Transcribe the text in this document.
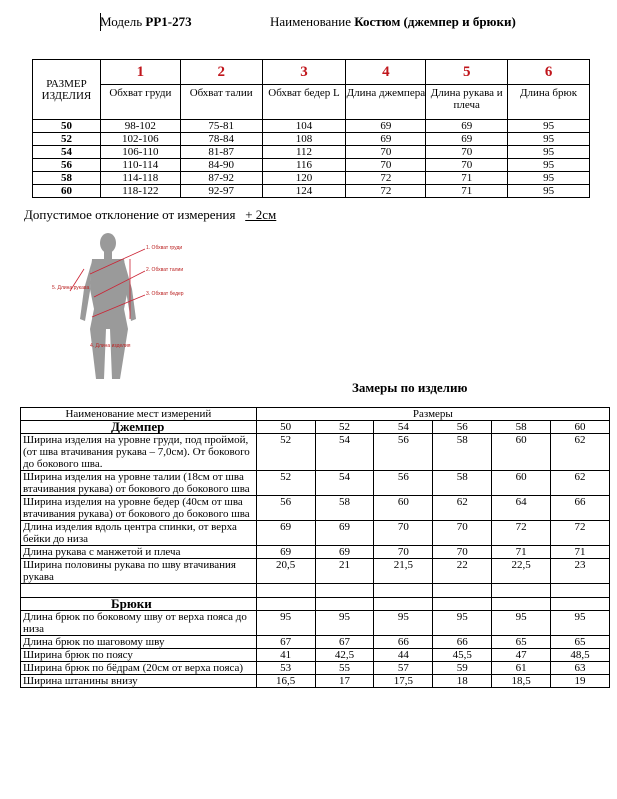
Модель PP1-273	Наименование Костюм (джемпер и брюки)
РАЗМЕР ИЗДЕЛИЯ	1	2	3	4	5	6
	Обхват груди	Обхват талии	Обхват бедер L	Длина джемпера	Длина рукава и плеча	Длина брюк
50	98-102	75-81	104	69	69	95
52	102-106	78-84	108	69	69	95
54	106-110	81-87	112	70	70	95
56	110-114	84-90	116	70	70	95
58	114-118	87-92	120	72	71	95
60	118-122	92-97	124	72	71	95
Допустимое отклонение от измерения + 2см
1. Обхват груди
2. Обхват талии
3. Обхват бедер
4. Длина изделия
5. Длина рукава
Замеры по изделию
Наименование мест измерений	Размеры					
Джемпер	50	52	54	56	58	60
Ширина изделия на уровне груди, под проймой, (от шва втачивания рукава – 7,0см). От бокового до бокового шва.	52	54	56	58	60	62
Ширина изделия на уровне талии (18см от шва втачивания рукава) от бокового до бокового шва	52	54	56	58	60	62
Ширина изделия на уровне бедер (40см от шва втачивания рукава) от бокового до бокового шва	56	58	60	62	64	66
Длина изделия вдоль центра спинки, от верха бейки до низа	69	69	70	70	72	72
Длина рукава с манжетой и плеча	69	69	70	70	71	71
Ширина половины рукава по шву втачивания рукава	20,5	21	21,5	22	22,5	23

Брюки						
Длина брюк по боковому шву от верха пояса до низа	95	95	95	95	95	95
Длина брюк по шаговому шву	67	67	66	66	65	65
Ширина брюк по поясу	41	42,5	44	45,5	47	48,5
Ширина брюк по бёдрам (20см от верха пояса)	53	55	57	59	61	63
Ширина штанины внизу	16,5	17	17,5	18	18,5	19
